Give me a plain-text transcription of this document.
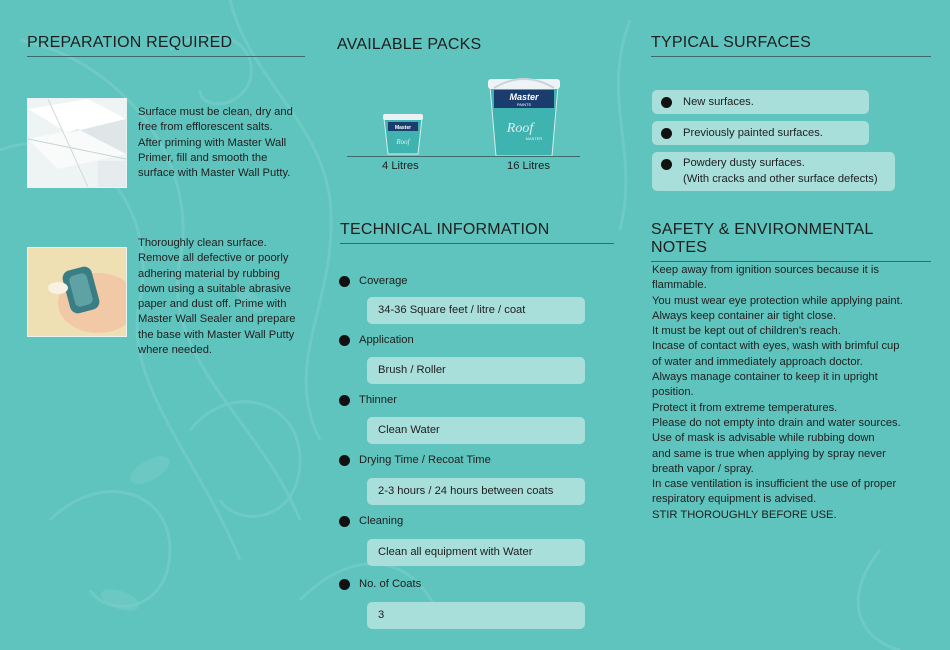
PREPARATION REQUIRED
Surface must be clean, dry and
free from efflorescent salts.
After priming with Master Wall
Primer, fill and smooth the
surface with Master Wall Putty.
Thoroughly clean surface.
Remove all defective or poorly
adhering material by rubbing
down using a suitable abrasive
paper and dust off. Prime with
Master Wall Sealer and prepare
the base with Master Wall Putty
where needed.
AVAILABLE PACKS
Master
Roof
4 Litres
Master
PAINTS
Roof
MASTER
16 Litres
TYPICAL SURFACES
New surfaces.
Previously painted surfaces.
Powdery dusty surfaces.
(With cracks and other surface defects)
TECHNICAL INFORMATION
Coverage
34-36 Square feet / litre / coat
Application
Brush / Roller
Thinner
Clean Water
Drying Time / Recoat Time
2-3 hours / 24 hours between coats
Cleaning
Clean all equipment with Water
No. of Coats
3
SAFETY & ENVIRONMENTAL NOTES
Keep away from ignition sources because it is
flammable.
You must wear eye protection while applying paint.
Always keep container air tight close.
It must be kept out of children’s reach.
Incase of contact with eyes, wash with brimful cup
of water and immediately approach doctor.
Always manage container to keep it in upright
position.
Protect it from extreme temperatures.
Please do not empty into drain and water sources.
Use of mask is advisable while rubbing down
and same is true when applying by spray never
breath vapor / spray.
In case ventilation is insufficient the use of proper
respiratory equipment is advised.
STIR THOROUGHLY BEFORE USE.
